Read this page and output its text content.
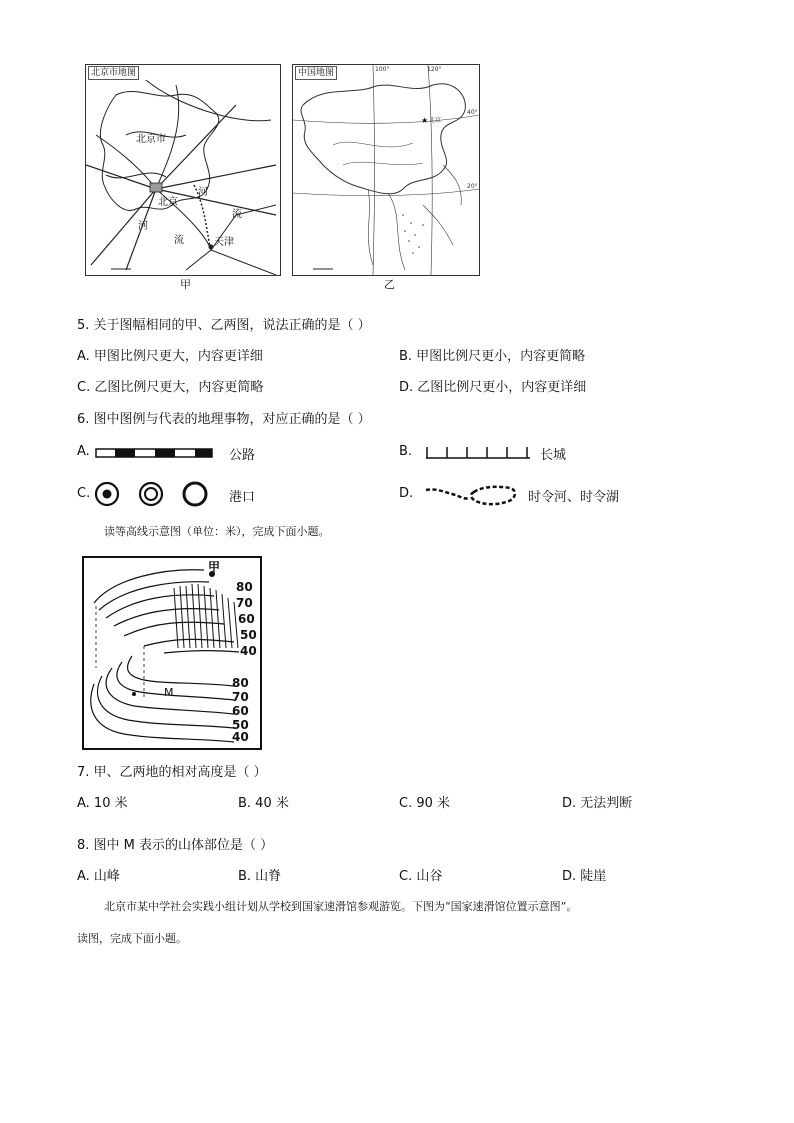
北京市地图
北京市
北京
河
流
河
流	天津
甲
★
中国地图	100°	120°
40°
20°
北京
乙
5. 关于图幅相同的甲、乙两图，说法正确的是（ ）
A. 甲图比例尺更大，内容更详细	B. 甲图比例尺更小，内容更简略
C. 乙图比例尺更大，内容更简略	D. 乙图比例尺更小，内容更详细
6. 图中图例与代表的地理事物，对应正确的是（ ）
A.	公路	B.	长城
C.	港口	D.	时令河、时令湖
读等高线示意图（单位：米），完成下面小题。
甲
80
70
60
50
40
M
80
70
60
50
40
7. 甲、乙两地的相对高度是（ ）
A. 10 米	B. 40 米	C. 90 米	D. 无法判断
8. 图中 M 表示的山体部位是（ ）
A. 山峰	B. 山脊	C. 山谷	D. 陡崖
北京市某中学社会实践小组计划从学校到国家速滑馆参观游览。下图为“国家速滑馆位置示意图”。
读图，完成下面小题。
